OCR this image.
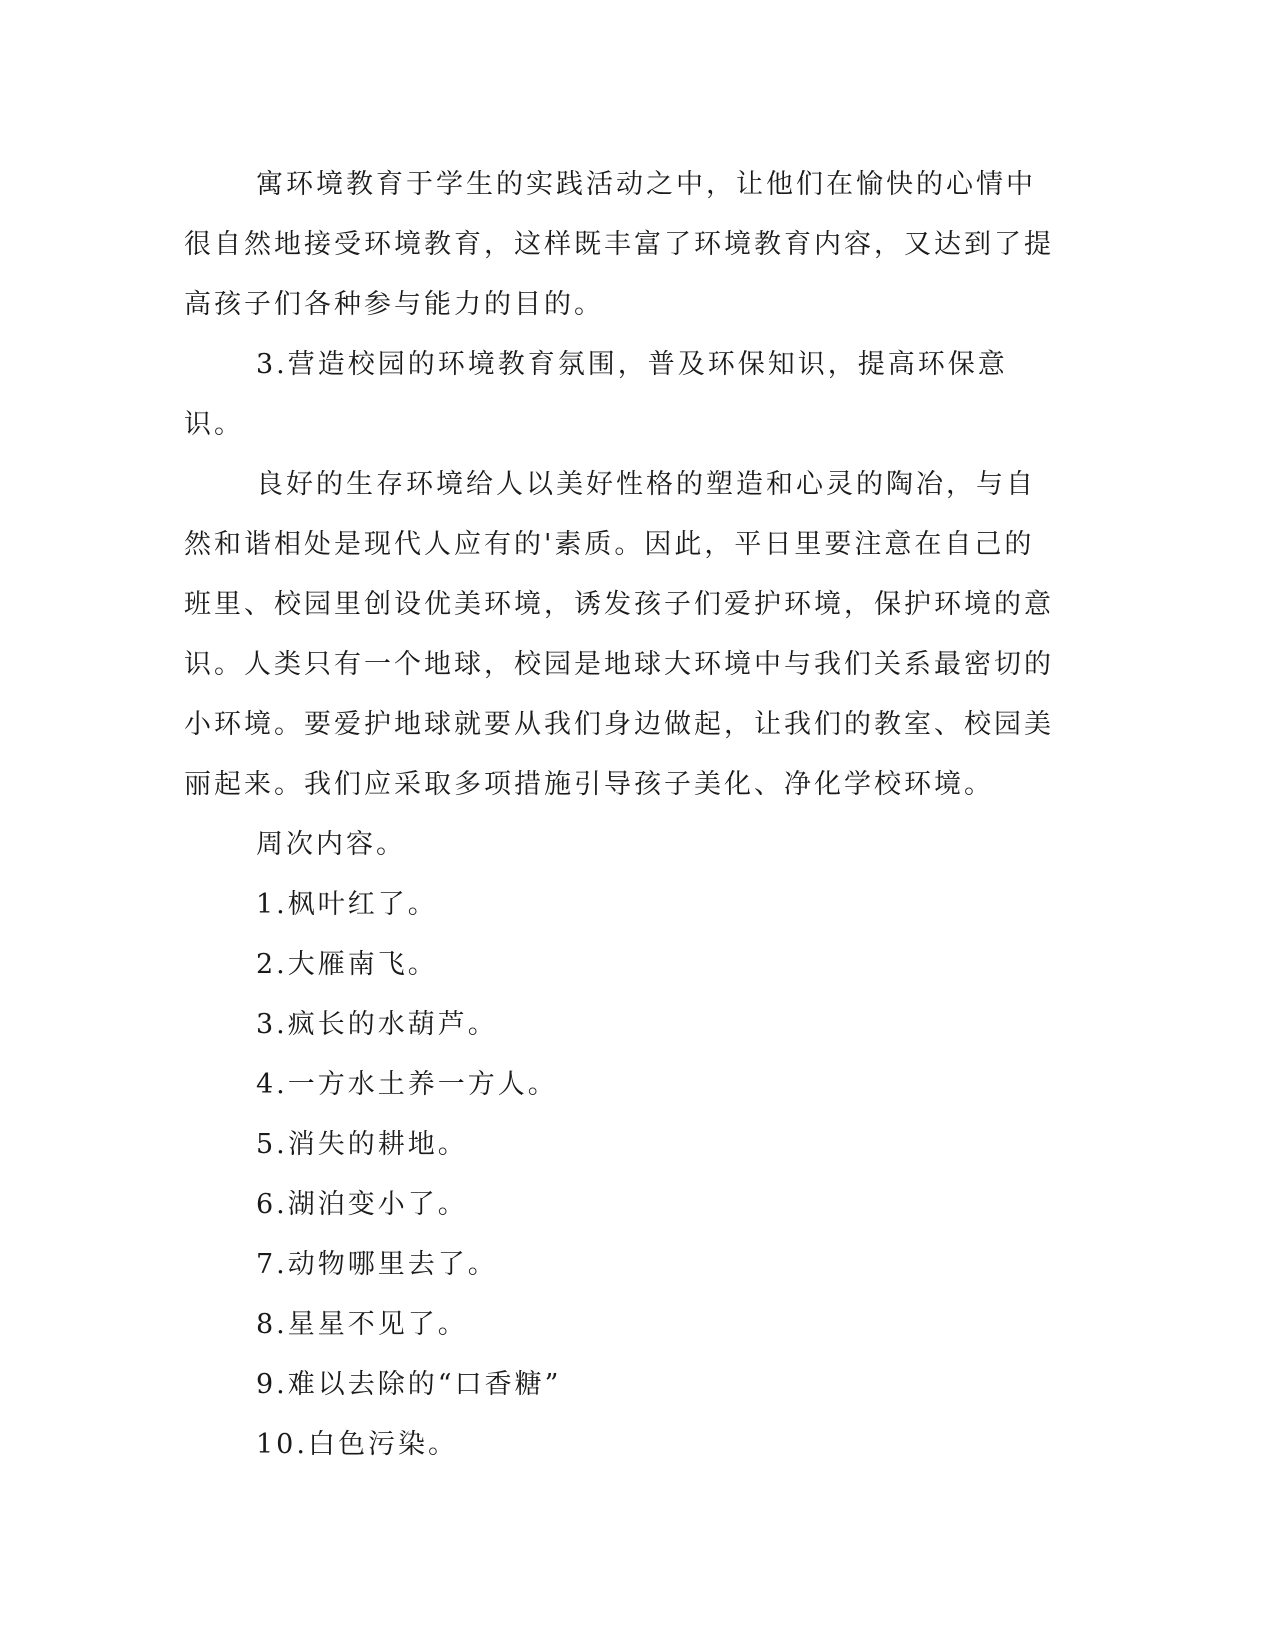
寓环境教育于学生的实践活动之中，让他们在愉快的心情中很自然地接受环境教育，这样既丰富了环境教育内容，又达到了提高孩子们各种参与能力的目的。

3.营造校园的环境教育氛围，普及环保知识，提高环保意识。

良好的生存环境给人以美好性格的塑造和心灵的陶冶，与自然和谐相处是现代人应有的'素质。因此，平日里要注意在自己的班里、校园里创设优美环境，诱发孩子们爱护环境，保护环境的意识。人类只有一个地球，校园是地球大环境中与我们关系最密切的小环境。要爱护地球就要从我们身边做起，让我们的教室、校园美丽起来。我们应采取多项措施引导孩子美化、净化学校环境。

周次内容。

1.枫叶红了。

2.大雁南飞。

3.疯长的水葫芦。

4.一方水土养一方人。

5.消失的耕地。

6.湖泊变小了。

7.动物哪里去了。

8.星星不见了。

9.难以去除的“口香糖”

10.白色污染。
